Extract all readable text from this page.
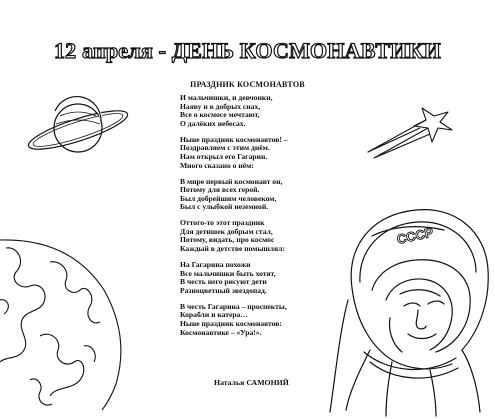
12 апреля - ДЕНЬ КОСМОНАВТИКИ
ПРАЗДНИК КОСМОНАВТОВ
СССР
И мальчишки, и девчонки,
Наяву и в добрых снах,
Все о космосе мечтают,
О далёких небесах.
Ныне праздник космонавтов! –
Поздравляем с этим днём.
Нам открыл его Гагарин.
Много сказано о нём:
В мире первый космонавт он,
Потому для всех герой.
Был добрейшим человеком,
Был с улыбкой неземной.
Оттого-то этот праздник
Для детишек добрым стал,
Потому, видать, про космос
Каждый в детстве помышлял:
На Гагарина похожи
Все мальчишки быть хотят,
В честь него рисуют дети
Разноцветный звездопад.
В честь Гагарина – проспекты,
Корабли и катера…
Ныне праздник космонавтов:
Космонавтике – «Ура!».
Наталья САМОНИЙ
